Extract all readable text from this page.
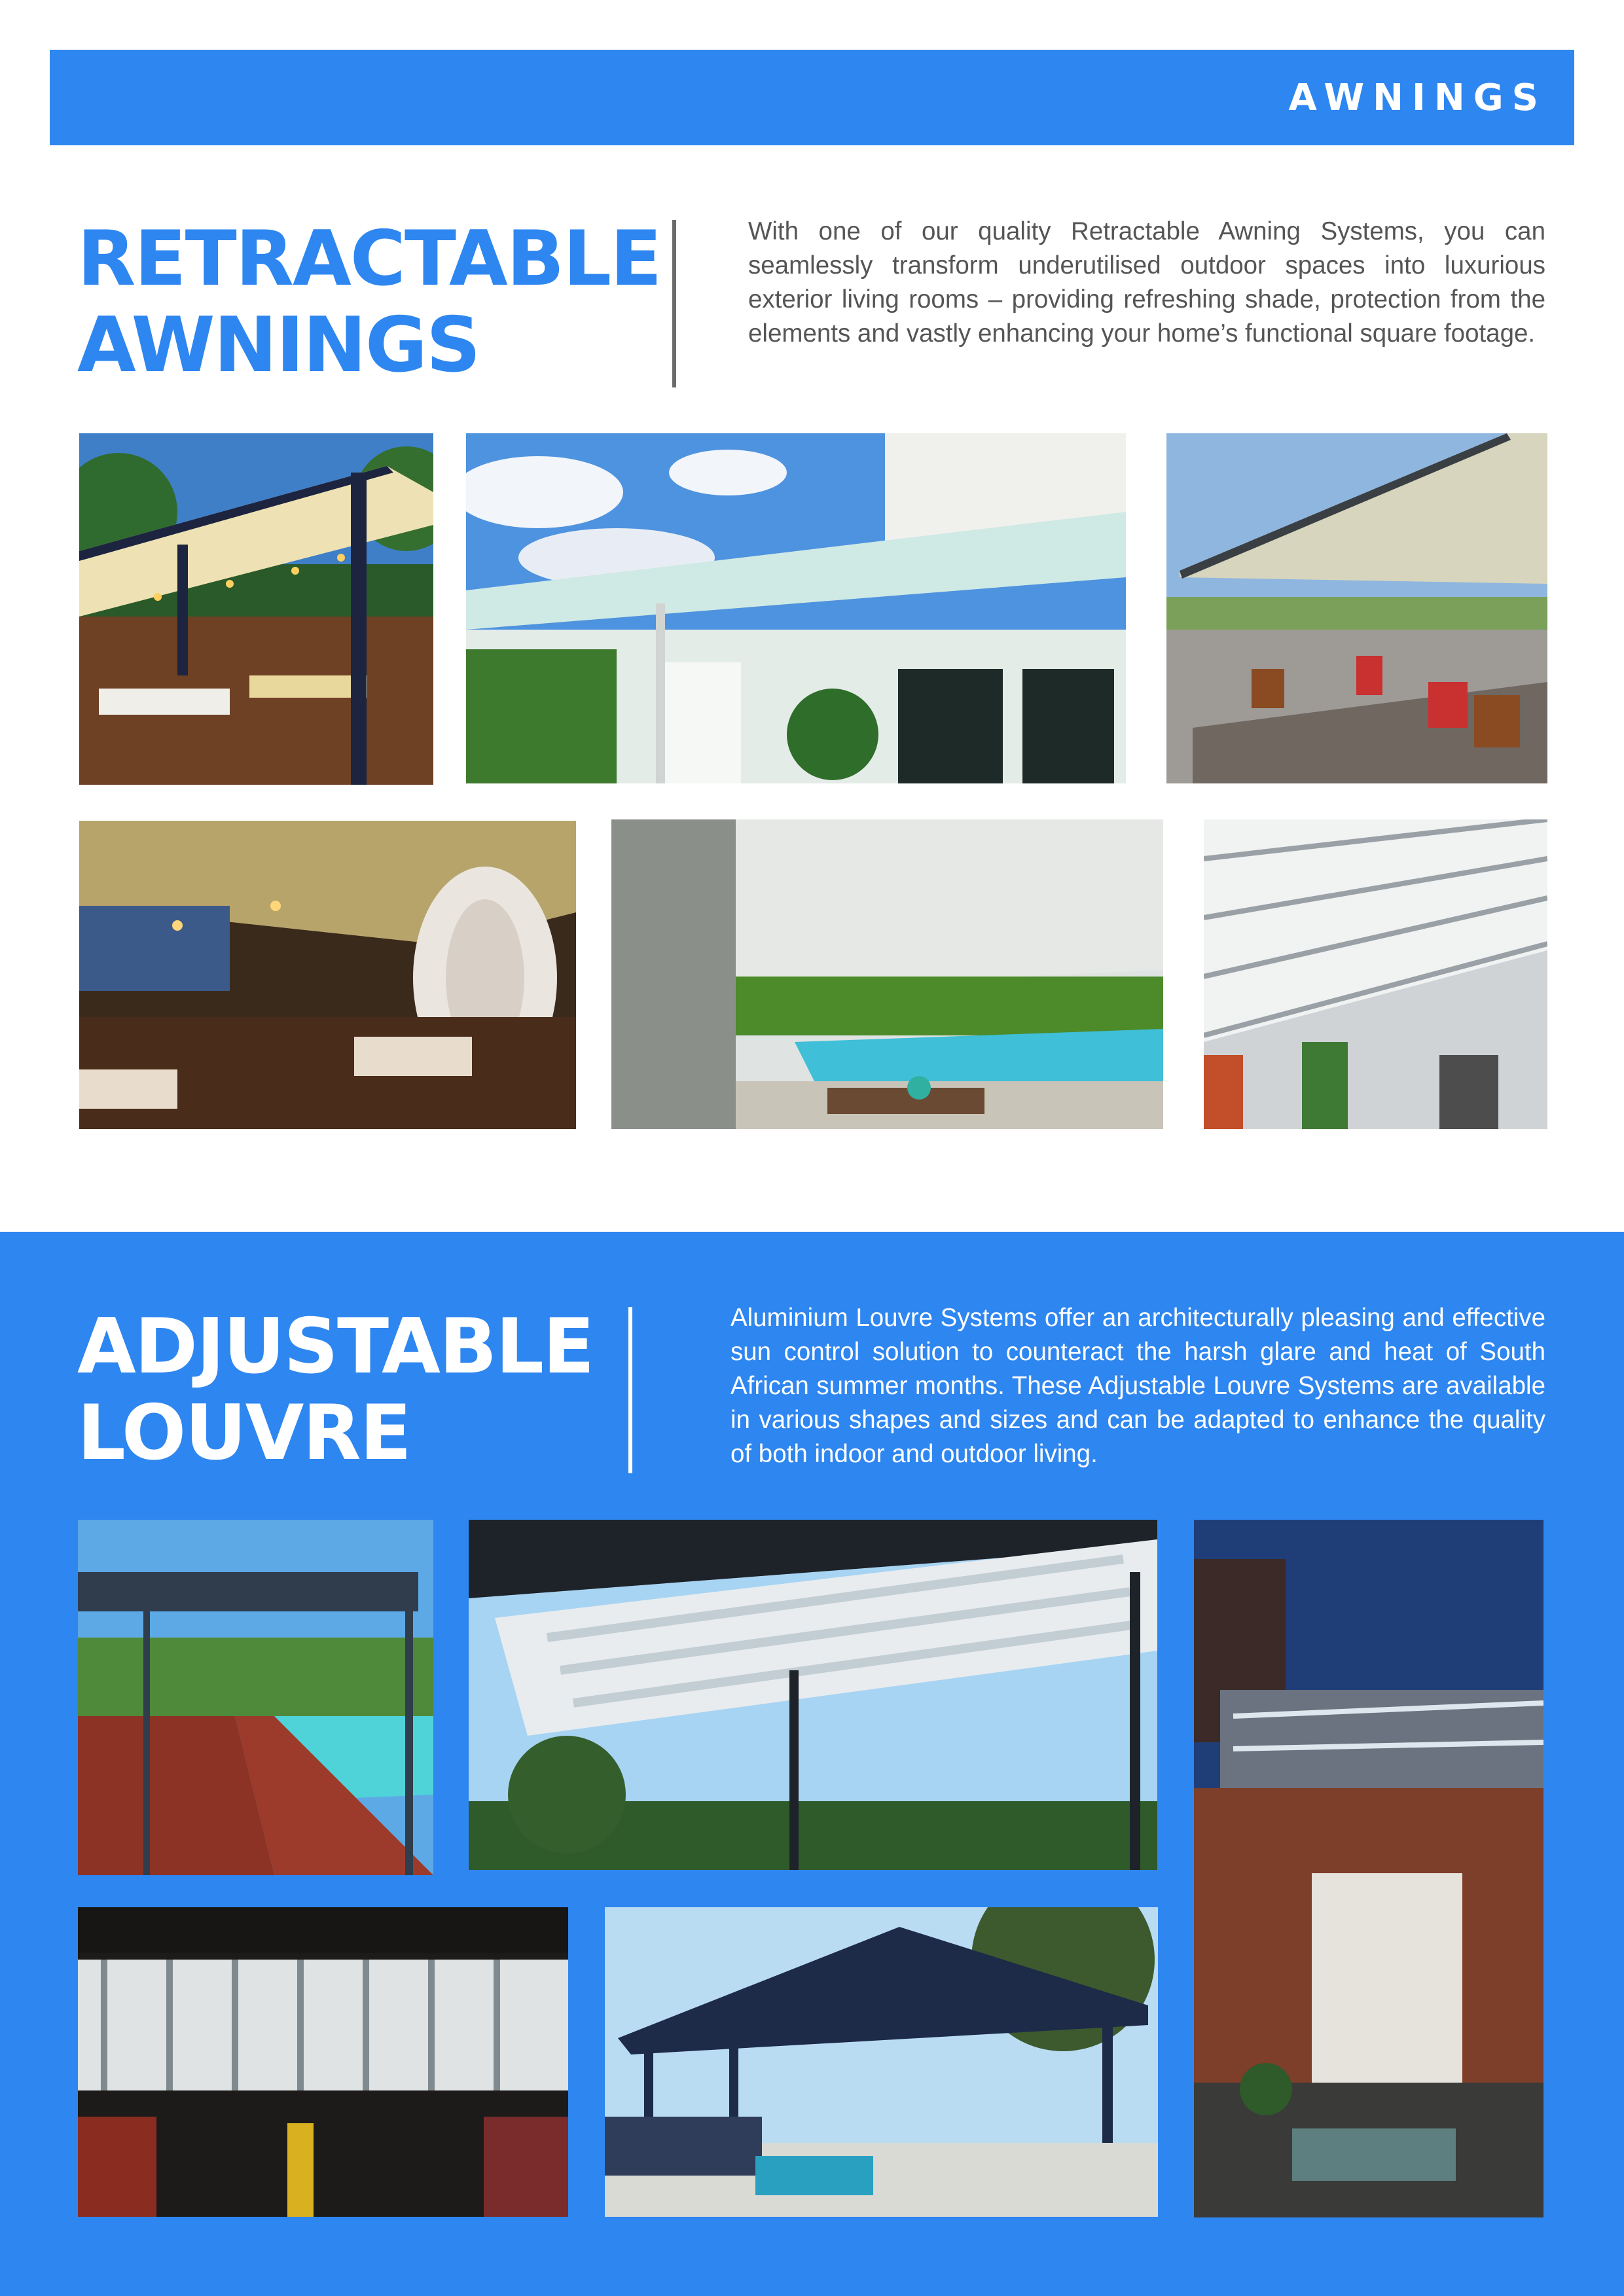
AWNINGS
RETRACTABLE
AWNINGS

With one of our quality Retractable Awning Systems, you can seamlessly transform underutilised outdoor spaces into luxurious exterior living rooms – providing refreshing shade, protection from the elements and vastly enhancing your home’s functional square footage.

ADJUSTABLE
LOUVRE

Aluminium Louvre Systems offer an architecturally pleasing and effective sun control solution to counteract the harsh glare and heat of South African summer months. These Adjustable Louvre Systems are available in various shapes and sizes and can be adapted to enhance the quality of both indoor and outdoor living.
